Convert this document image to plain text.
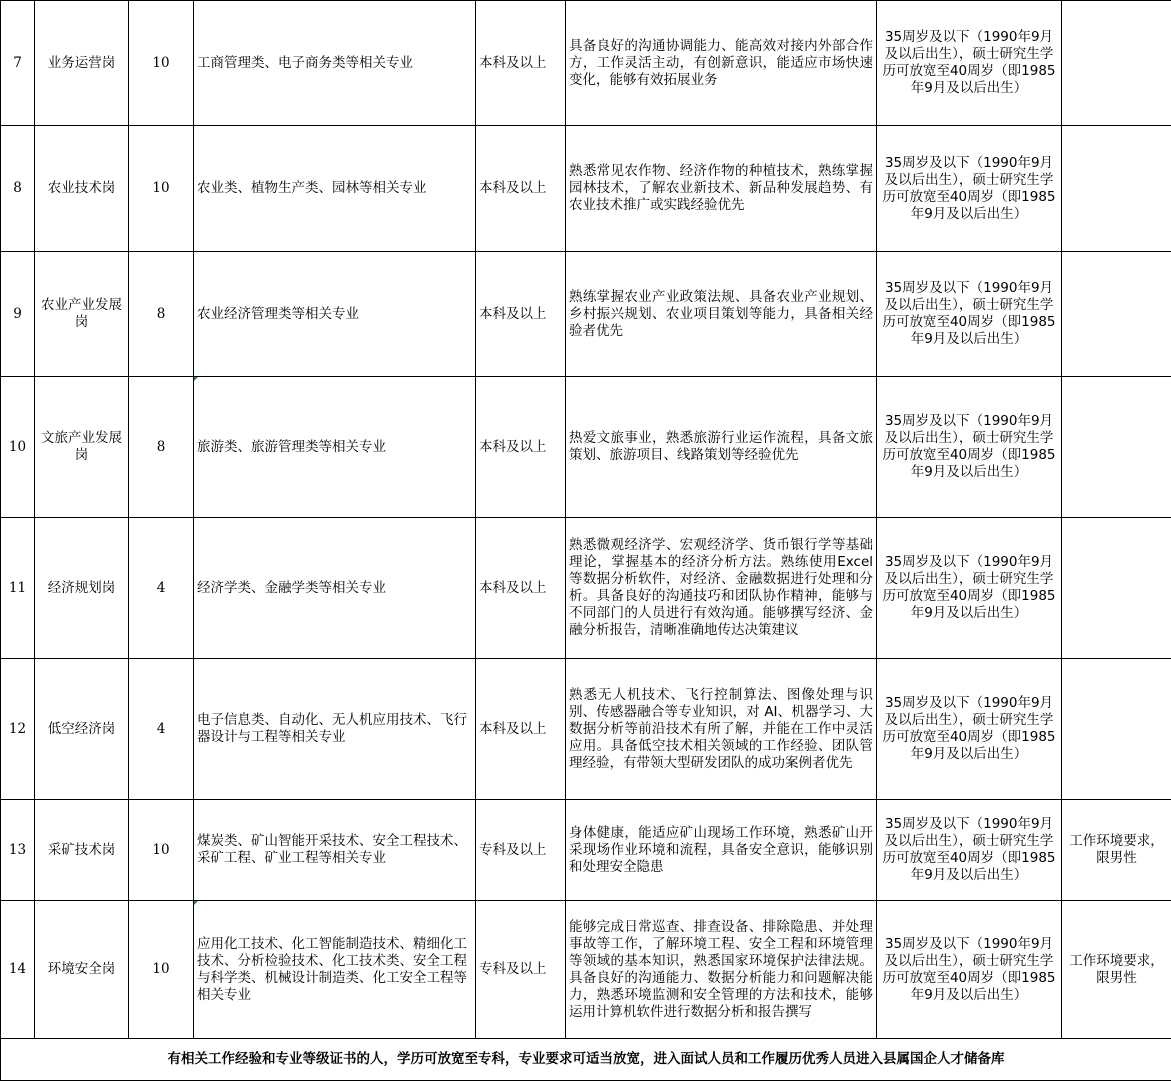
7	业务运营岗	10	工商管理类、电子商务类等相关专业	本科及以上	具备良好的沟通协调能力、能高效对接内外部合作方，工作灵活主动，有创新意识，能适应市场快速变化，能够有效拓展业务	35周岁及以下（1990年9月及以后出生），硕士研究生学历可放宽至40周岁（即1985年9月及以后出生）	
8	农业技术岗	10	农业类、植物生产类、园林等相关专业	本科及以上	熟悉常见农作物、经济作物的种植技术，熟练掌握园林技术，了解农业新技术、新品种发展趋势、有农业技术推广或实践经验优先	35周岁及以下（1990年9月及以后出生），硕士研究生学历可放宽至40周岁（即1985年9月及以后出生）	
9	农业产业发展岗	8	农业经济管理类等相关专业	本科及以上	熟练掌握农业产业政策法规、具备农业产业规划、乡村振兴规划、农业项目策划等能力，具备相关经验者优先	35周岁及以下（1990年9月及以后出生），硕士研究生学历可放宽至40周岁（即1985年9月及以后出生）	
10	文旅产业发展岗	8	旅游类、旅游管理类等相关专业	本科及以上	热爱文旅事业，熟悉旅游行业运作流程，具备文旅策划、旅游项目、线路策划等经验优先	35周岁及以下（1990年9月及以后出生），硕士研究生学历可放宽至40周岁（即1985年9月及以后出生）	
11	经济规划岗	4	经济学类、金融学类等相关专业	本科及以上	熟悉微观经济学、宏观经济学、货币银行学等基础理论，掌握基本的经济分析方法。熟练使用Excel等数据分析软件，对经济、金融数据进行处理和分析。具备良好的沟通技巧和团队协作精神，能够与不同部门的人员进行有效沟通。能够撰写经济、金融分析报告，清晰准确地传达决策建议	35周岁及以下（1990年9月及以后出生），硕士研究生学历可放宽至40周岁（即1985年9月及以后出生）	
12	低空经济岗	4	电子信息类、自动化、无人机应用技术、飞行器设计与工程等相关专业	本科及以上	熟悉无人机技术、飞行控制算法、图像处理与识别、传感器融合等专业知识，对 AI、机器学习、大数据分析等前沿技术有所了解，并能在工作中灵活应用。具备低空技术相关领域的工作经验、团队管理经验，有带领大型研发团队的成功案例者优先	35周岁及以下（1990年9月及以后出生），硕士研究生学历可放宽至40周岁（即1985年9月及以后出生）	
13	采矿技术岗	10	煤炭类、矿山智能开采技术、安全工程技术、采矿工程、矿业工程等相关专业	专科及以上	身体健康，能适应矿山现场工作环境，熟悉矿山开采现场作业环境和流程，具备安全意识，能够识别和处理安全隐患	35周岁及以下（1990年9月及以后出生），硕士研究生学历可放宽至40周岁（即1985年9月及以后出生）	工作环境要求，限男性
14	环境安全岗	10	应用化工技术、化工智能制造技术、精细化工技术、分析检验技术、化工技术类、安全工程与科学类、机械设计制造类、化工安全工程等相关专业	专科及以上	能够完成日常巡查、排查设备、排除隐患、并处理事故等工作，了解环境工程、安全工程和环境管理等领域的基本知识，熟悉国家环境保护法律法规。具备良好的沟通能力、数据分析能力和问题解决能力，熟悉环境监测和安全管理的方法和技术，能够运用计算机软件进行数据分析和报告撰写	35周岁及以下（1990年9月及以后出生），硕士研究生学历可放宽至40周岁（即1985年9月及以后出生）	工作环境要求，限男性
有相关工作经验和专业等级证书的人，学历可放宽至专科，专业要求可适当放宽，进入面试人员和工作履历优秀人员进入县属国企人才储备库							
